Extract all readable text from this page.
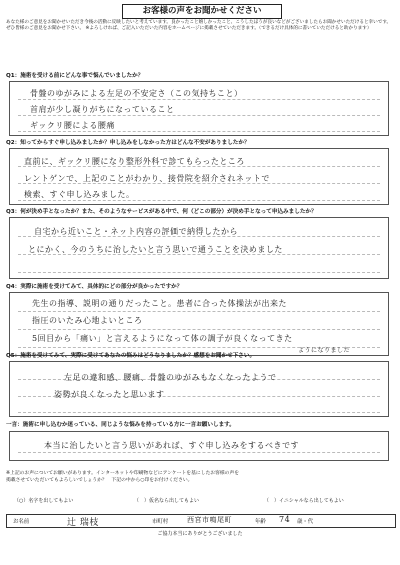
お客様の声をお聞かせください
あなた様のご意見をお聞かせいただき今後の活動に反映したいと考えています。良かったこと嬉しかったこと、こうしたほうが良いなどがございましたらお聞かせいただけると幸いです。ぜひ皆様のご意見をお聞かせ下さい。 ※よろしければ、ご記入いただいた内容をホームページに掲載させていただきます。（できるだけ具体的に書いていただけると助かります）
Q1：施術を受ける前にどんな事で悩んでいましたか？
骨盤のゆがみによる左足の不安定さ（この気持ちこと）
首肩が少し凝りがちになっていること
ギックリ腰による腰痛
Q2：知ってからすぐ申し込みましたか？申し込みをしなかった方はどんな不安がありましたか？
直前に、ギックリ腰になり整形外科で診てもらったところ
レントゲンで、上記のことがわかり、接骨院を紹介されネットで
検索、すぐ申し込みました。
Q3：何が決め手となったか？また、そのようなサービスがある中で、何（どこの部分）が決め手となって申込みましたか？
自宅から近いこと・ネット内容の評価で納得したから
とにかく、今のうちに治したいと言う思いで通うことを決めました
Q4：実際に施術を受けてみて、具体的にどの部分が良かったですか？
先生の指導、説明の通りだったこと。患者に合った体操法が出来た
指圧のいたみ心地よいところ
5回目から「痛い」と言えるようになって体の調子が良くなってきた
ようになりました
Q5：施術を受けてみて、実際に受けてあなたの悩みはどうなりましたか？感想をお聞かせ下さい。
左足の違和感、腰痛、骨盤のゆがみもなくなったようで
姿勢が良くなったと思います
一言：施術に申し込むか迷っている、同じような悩みを持っている方に一言お願いします。
本当に治したいと言う思いがあれば、すぐ申し込みをするべきです
※上記のお声についてお願いがあります。インターネットや印刷物などにアンケートを基にしたお客様の声を
掲載させていただいてもよろしいでしょうか？　下記の中から○印をお付けください。
（○）名字を出してもよい	（　）仮名なら出してもよい	（　）イニシャルなら出してもよい
お名前	辻 瑞枝	市町村	西宮市鳴尾町	年齢 74 歳・代
ご協力本当にありがとうございました
